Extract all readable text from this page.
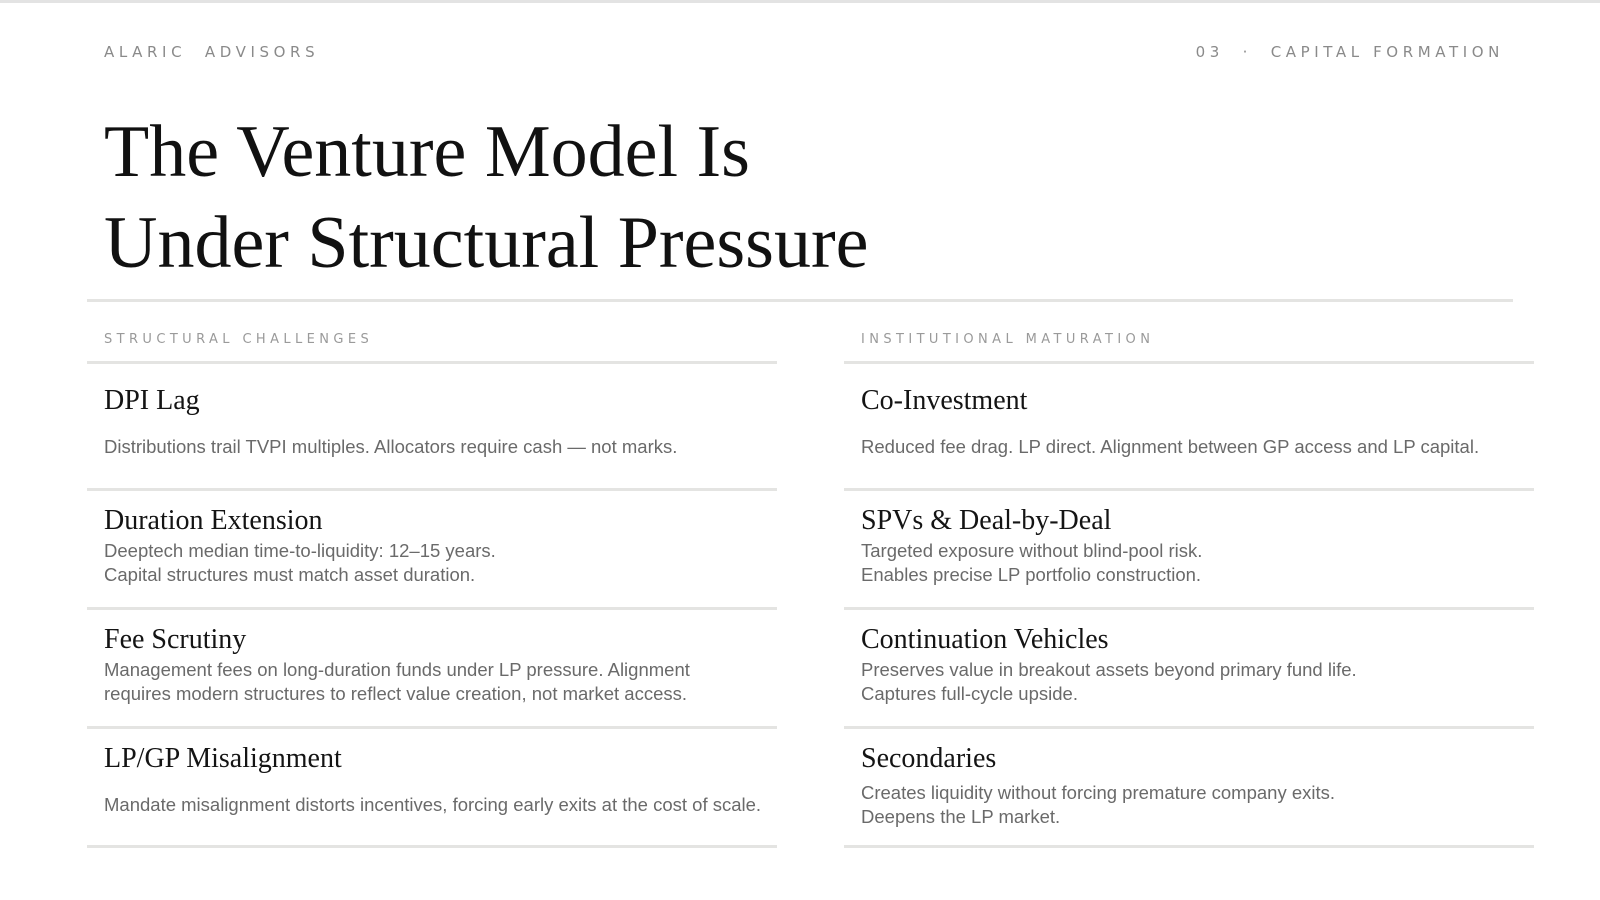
ALARIC  ADVISORS	03  ·  CAPITAL FORMATION
The Venture Model Is
Under Structural Pressure
STRUCTURAL CHALLENGES
DPI Lag
Distributions trail TVPI multiples. Allocators require cash — not marks.
Duration Extension
Deeptech median time-to-liquidity: 12–15 years.
Capital structures must match asset duration.
Fee Scrutiny
Management fees on long-duration funds under LP pressure. Alignment
requires modern structures to reflect value creation, not market access.
LP/GP Misalignment
Mandate misalignment distorts incentives, forcing early exits at the cost of scale.
INSTITUTIONAL MATURATION
Co-Investment
Reduced fee drag. LP direct. Alignment between GP access and LP capital.
SPVs & Deal-by-Deal
Targeted exposure without blind-pool risk.
Enables precise LP portfolio construction.
Continuation Vehicles
Preserves value in breakout assets beyond primary fund life.
Captures full-cycle upside.
Secondaries
Creates liquidity without forcing premature company exits.
Deepens the LP market.
